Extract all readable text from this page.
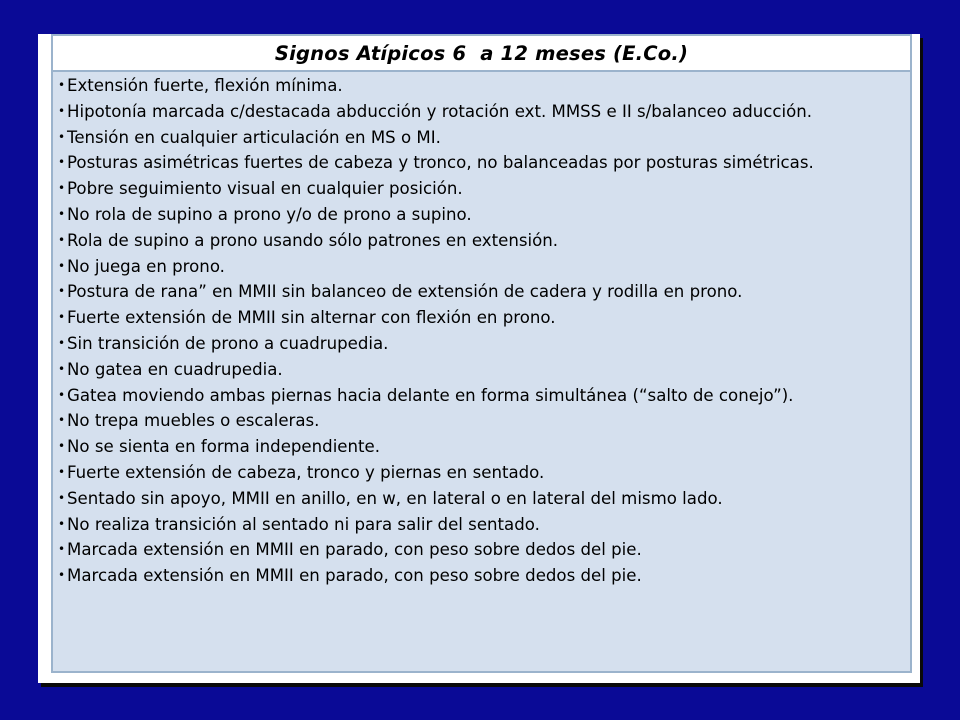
Signos Atípicos 6  a 12 meses (E.Co.)
• Extensión fuerte, flexión mínima.
• Hipotonía marcada c/destacada abducción y rotación ext. MMSS e II s/balanceo aducción.
• Tensión en cualquier articulación en MS o MI.
• Posturas asimétricas fuertes de cabeza y tronco, no balanceadas por posturas simétricas.
• Pobre seguimiento visual en cualquier posición.
• No rola de supino a prono y/o de prono a supino.
• Rola de supino a prono usando sólo patrones en extensión.
• No juega en prono.
• Postura de rana” en MMII sin balanceo de extensión de cadera y rodilla en prono.
• Fuerte extensión de MMII sin alternar con flexión en prono.
• Sin transición de prono a cuadrupedia.
• No gatea en cuadrupedia.
• Gatea moviendo ambas piernas hacia delante en forma simultánea (“salto de conejo”).
• No trepa muebles o escaleras.
• No se sienta en forma independiente.
• Fuerte extensión de cabeza, tronco y piernas en sentado.
• Sentado sin apoyo, MMII en anillo, en w, en lateral o en lateral del mismo lado.
• No realiza transición al sentado ni para salir del sentado.
• Marcada extensión en MMII en parado, con peso sobre dedos del pie.
• Marcada extensión en MMII en parado, con peso sobre dedos del pie.
